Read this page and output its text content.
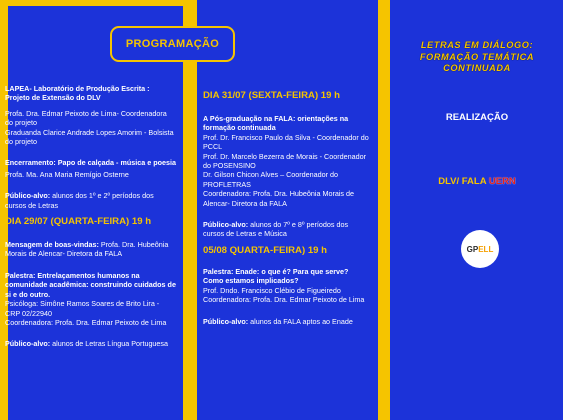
PROGRAMAÇÃO

LAPEA- Laboratório de Produção Escrita : Projeto de Extensão do DLV

Profa. Dra. Edmar Peixoto de Lima- Coordenadora do projeto

Graduanda Clarice Andrade Lopes Amorim - Bolsista do projeto

Encerramento: Papo de calçada - música e poesia

Profa. Ma. Ana Maria Remígio Osterne

Público-alvo: alunos dos 1º e 2º períodos dos cursos de Letras

DIA 29/07 (QUARTA-FEIRA) 19 h

Mensagem de boas-vindas: Profa. Dra. Hubeônia Morais de Alencar- Diretora da FALA

Palestra: Entrelaçamentos humanos na comunidade acadêmica: construindo cuidados de si e do outro.

Psicóloga: Simône Ramos Soares de Brito Lira - CRP 02/22940

Coordenadora: Profa. Dra. Edmar Peixoto de Lima

Público-alvo: alunos de Letras Língua Portuguesa

DIA 31/07 (SEXTA-FEIRA) 19 h

A Pós-graduação na FALA: orientações na formação continuada

Prof. Dr. Francisco Paulo da Silva - Coordenador do PCCL

Prof. Dr. Marcelo Bezerra de Morais - Coordenador do POSENSINO

Dr. Gilson Chicon Alves – Coordenador do PROFLETRAS

Coordenadora: Profa. Dra. Hubeônia Morais de Alencar- Diretora da FALA

Público-alvo: alunos do 7º e 8º períodos dos cursos de Letras e Música

05/08 QUARTA-FEIRA) 19 h

Palestra: Enade: o que é? Para que serve? Como estamos implicados?

Prof. Dndo. Francisco Clébio de Figueiredo

Coordenadora: Profa. Dra. Edmar Peixoto de Lima

Público-alvo: alunos da FALA aptos ao Enade

LETRAS EM DIÁLOGO: FORMAÇÃO TEMÁTICA CONTINUADA
REALIZAÇÃO
DLV/ FALA UERN
GPELL
